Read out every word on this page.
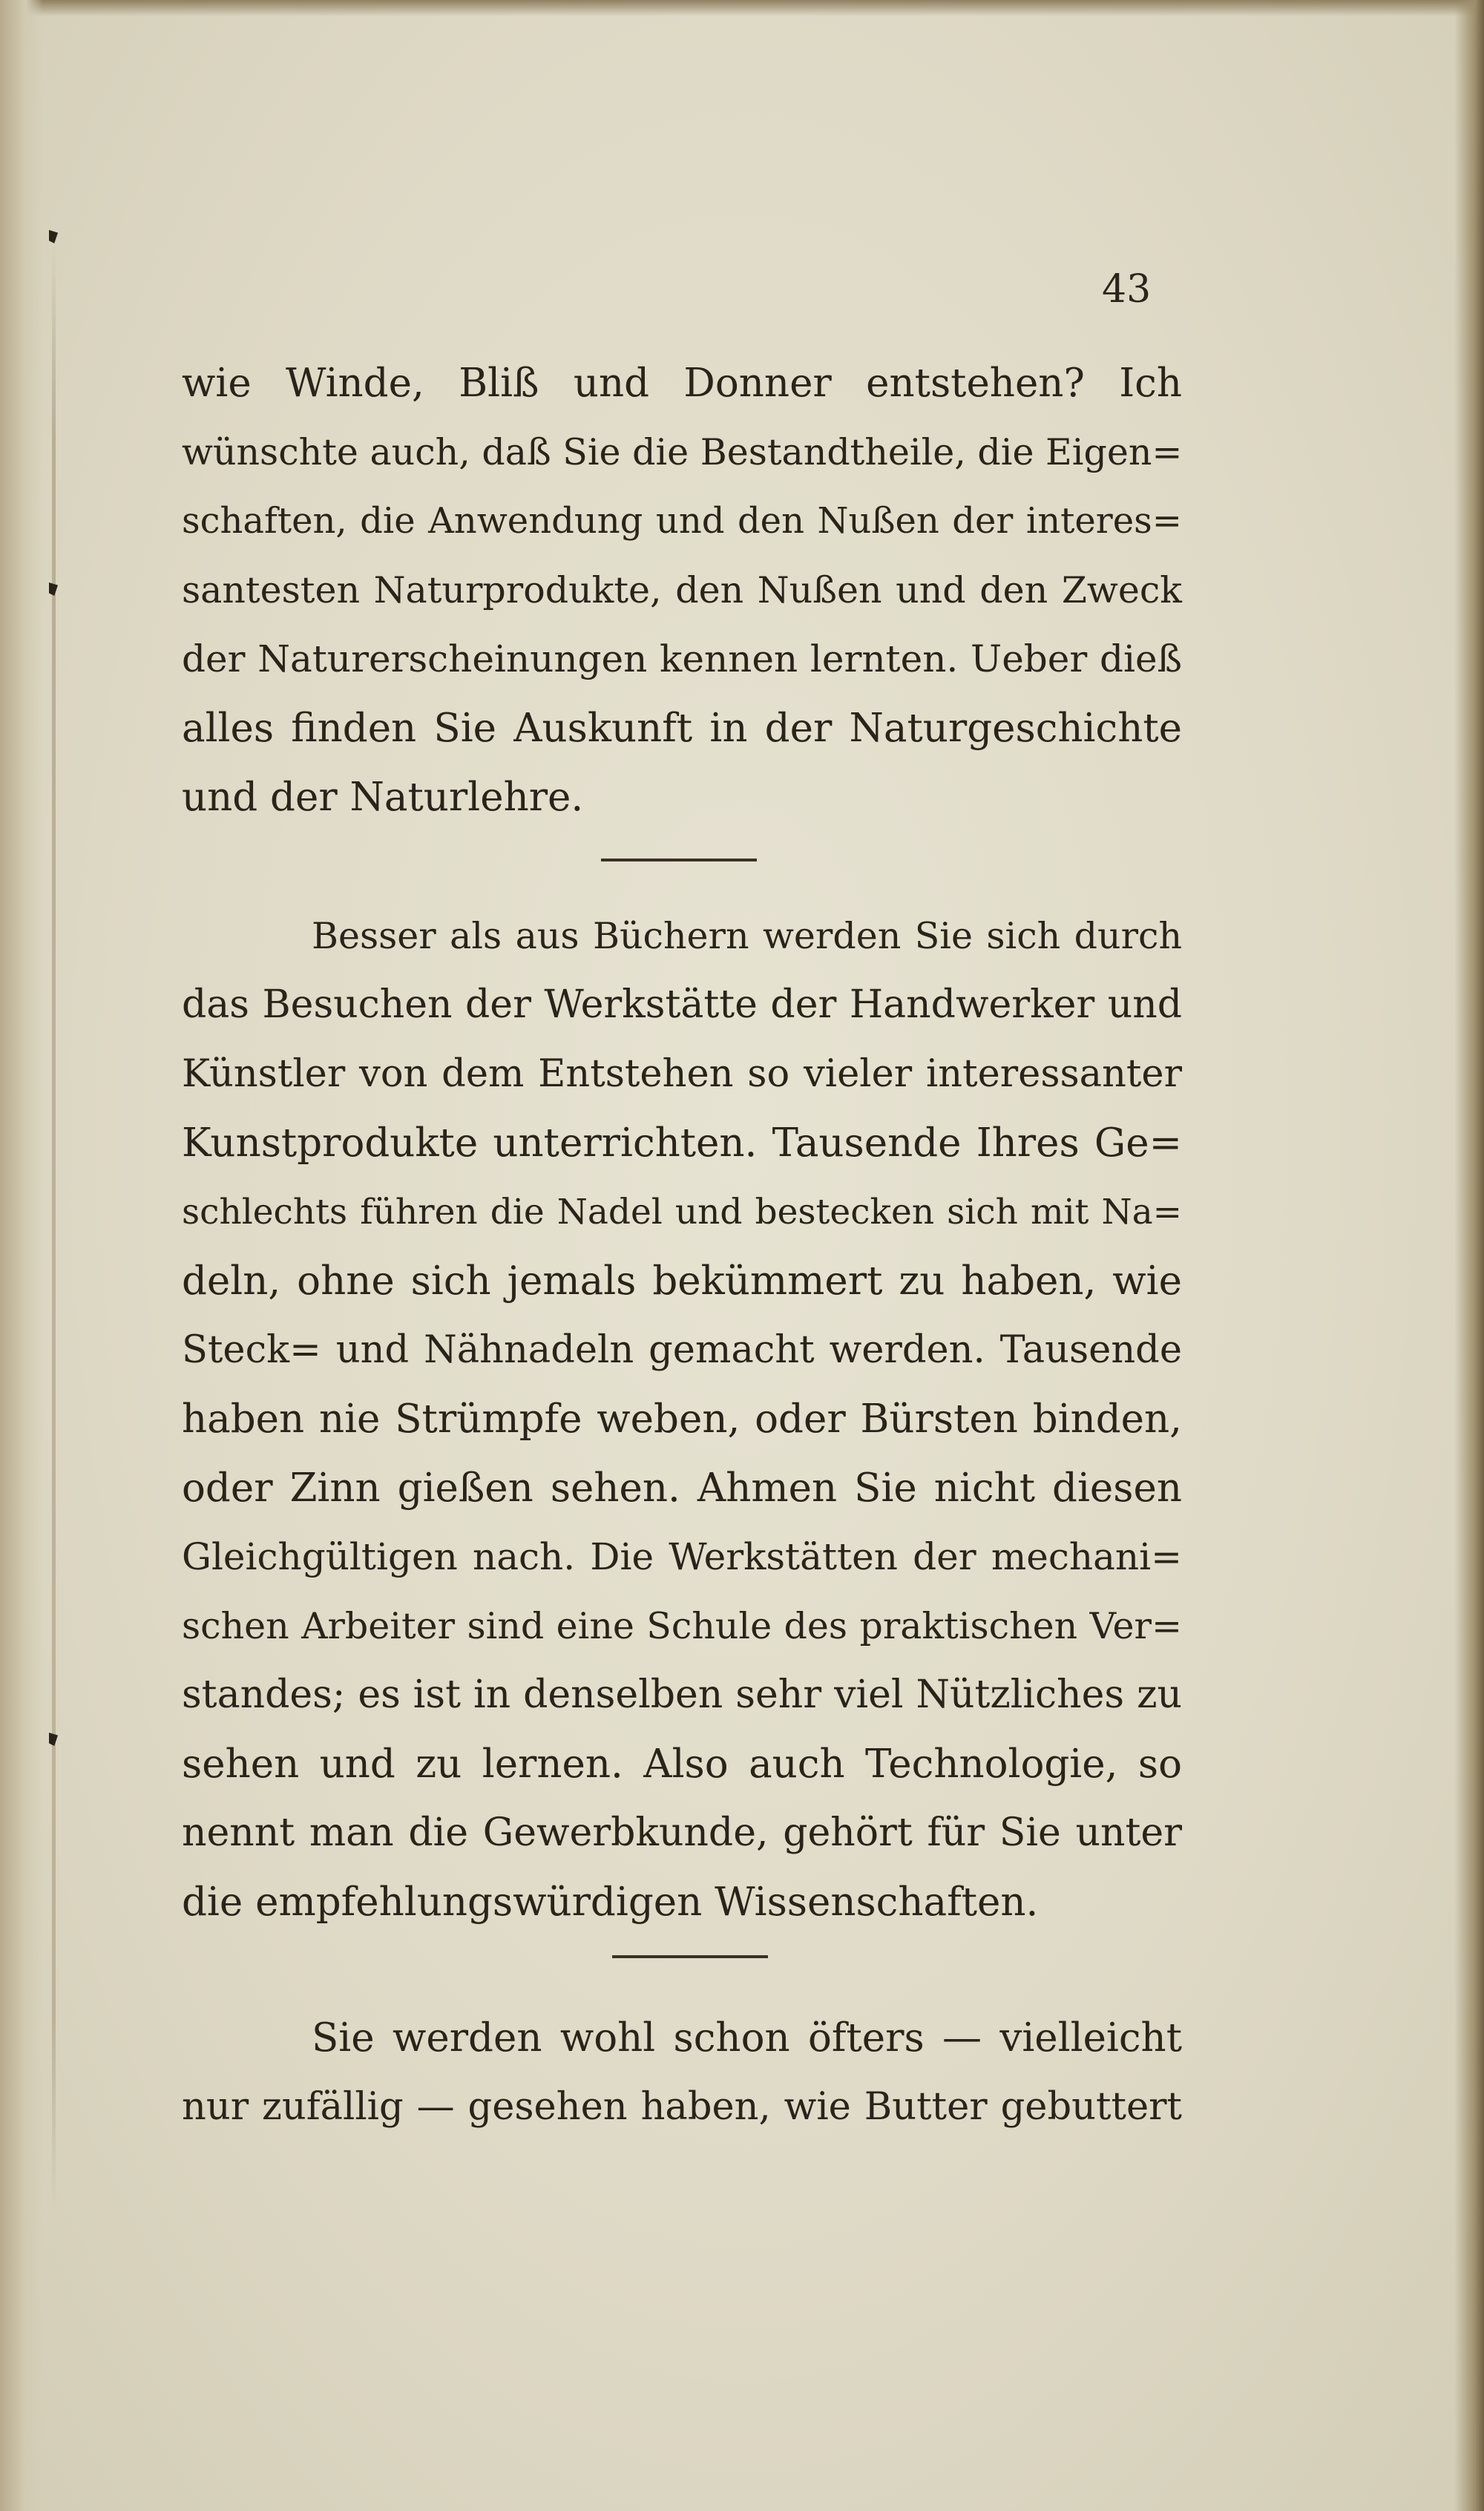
43
wie Winde, Bliß und Donner entstehen? Ich
wünschte auch, daß Sie die Bestandtheile, die Eigen=
schaften, die Anwendung und den Nußen der interes=
santesten Naturprodukte, den Nußen und den Zweck
der Naturerscheinungen kennen lernten. Ueber dieß
alles finden Sie Auskunft in der Naturgeschichte
und der Naturlehre.
Besser als aus Büchern werden Sie sich durch
das Besuchen der Werkstätte der Handwerker und
Künstler von dem Entstehen so vieler interessanter
Kunstprodukte unterrichten. Tausende Ihres Ge=
schlechts führen die Nadel und bestecken sich mit Na=
deln, ohne sich jemals bekümmert zu haben, wie
Steck= und Nähnadeln gemacht werden. Tausende
haben nie Strümpfe weben, oder Bürsten binden,
oder Zinn gießen sehen. Ahmen Sie nicht diesen
Gleichgültigen nach. Die Werkstätten der mechani=
schen Arbeiter sind eine Schule des praktischen Ver=
standes; es ist in denselben sehr viel Nützliches zu
sehen und zu lernen. Also auch Technologie, so
nennt man die Gewerbkunde, gehört für Sie unter
die empfehlungswürdigen Wissenschaften.
Sie werden wohl schon öfters — vielleicht
nur zufällig — gesehen haben, wie Butter gebuttert
